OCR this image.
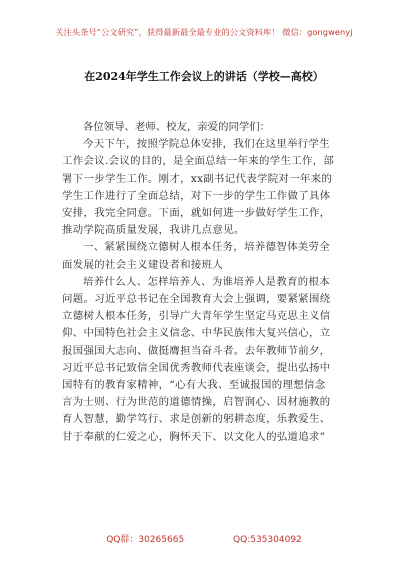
关注头条号“公文研究”，获得最新最全最专业的公文资料库！ 微信：gongwenyj
在2024年学生工作会议上的讲话（学校—高校）

各位领导、老师、校友，亲爱的同学们：

今天下午，按照学院总体安排，我们在这里举行学生
工作会议.会议的目的，是全面总结一年来的学生工作，部
署下一步学生工作。刚才，xx副书记代表学院对一年来的
学生工作进行了全面总结，对下一步的学生工作做了具体
安排，我完全同意。下面，就如何进一步做好学生工作，
推动学院高质量发展，我讲几点意见。

一、紧紧围绕立德树人根本任务，培养德智体美劳全
面发展的社会主义建设者和接班人

培养什么人、怎样培养人、为谁培养人是教育的根本
问题。习近平总书记在全国教育大会上强调，要紧紧围绕
立德树人根本任务，引导广大青年学生坚定马克思主义信
仰、中国特色社会主义信念、中华民族伟大复兴信心，立
报国强国大志向、做挺膺担当奋斗者。去年教师节前夕，
习近平总书记致信全国优秀教师代表座谈会，提出弘扬中
国特有的教育家精神，“心有大我、至诚报国的理想信念
言为士则、行为世范的道德情操，启智润心、因材施教的
育人智慧，勤学笃行、求是创新的躬耕态度，乐教爱生、
甘于奉献的仁爱之心，胸怀天下、以文化人的弘道追求”

QQ群：30265665	QQ:535304092
